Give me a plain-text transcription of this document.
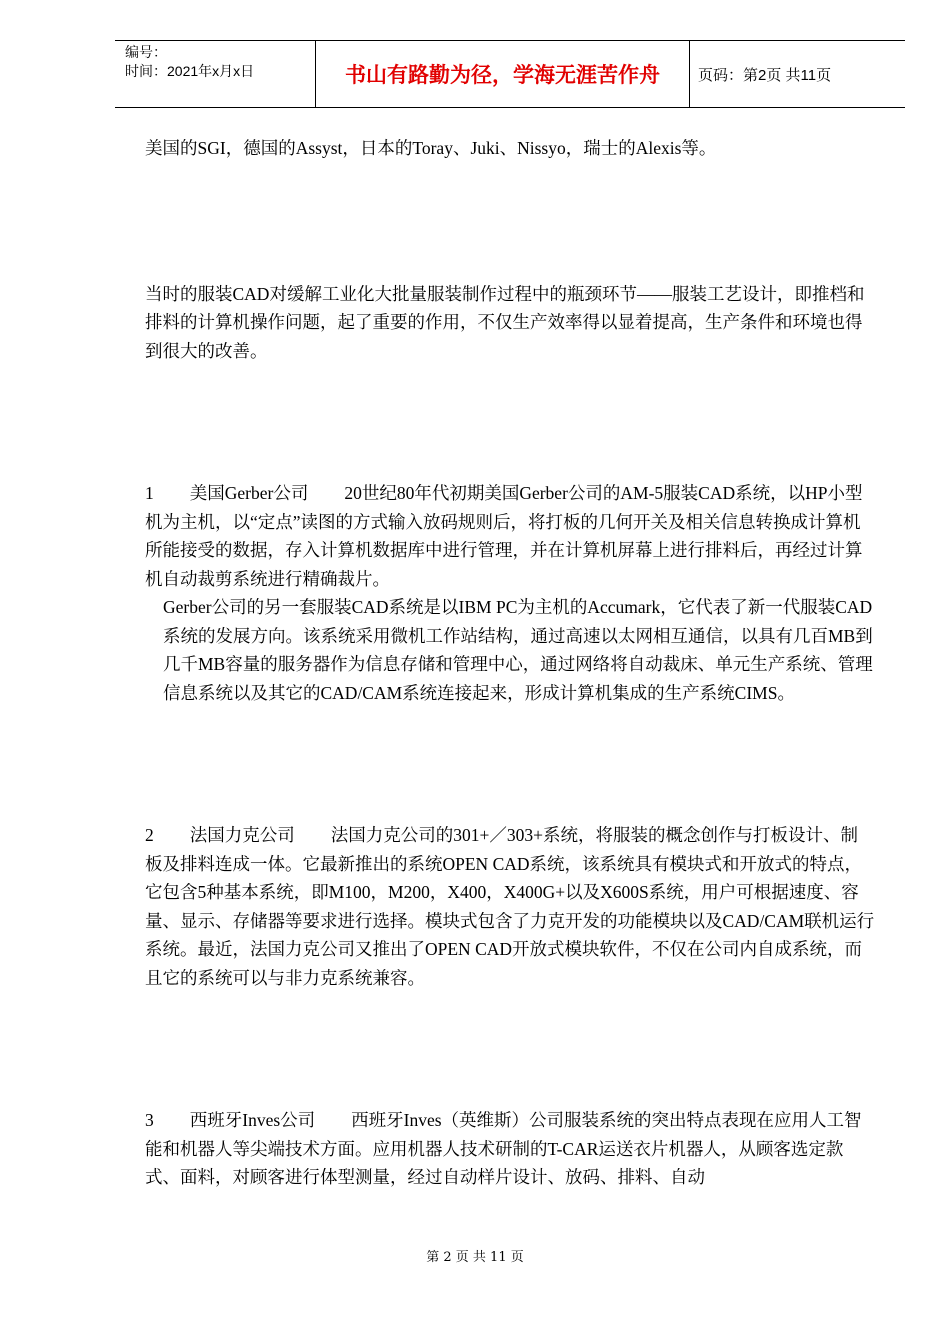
编号：
时间：2021年x月x日	书山有路勤为径，学海无涯苦作舟	页码：第2页 共11页

美国的SGI，德国的Assyst，日本的Toray、Juki、Nissyo，瑞士的Alexis等。

当时的服装CAD对缓解工业化大批量服装制作过程中的瓶颈环节——服装工艺设计，即推档和排料的计算机操作问题，起了重要的作用，不仅生产效率得以显着提高，生产条件和环境也得到很大的改善。

1 美国Gerber公司 20世纪80年代初期美国Gerber公司的AM-5服装CAD系统，以HP小型机为主机，以“定点”读图的方式输入放码规则后，将打板的几何开关及相关信息转换成计算机所能接受的数据，存入计算机数据库中进行管理，并在计算机屏幕上进行排料后，再经过计算机自动裁剪系统进行精确裁片。

Gerber公司的另一套服装CAD系统是以IBM PC为主机的Accumark，它代表了新一代服装CAD系统的发展方向。该系统采用微机工作站结构，通过高速以太网相互通信，以具有几百MB到几千MB容量的服务器作为信息存储和管理中心，通过网络将自动裁床、单元生产系统、管理信息系统以及其它的CAD/CAM系统连接起来，形成计算机集成的生产系统CIMS。

2 法国力克公司 法国力克公司的301+／303+系统，将服装的概念创作与打板设计、制板及排料连成一体。它最新推出的系统OPEN CAD系统，该系统具有模块式和开放式的特点，它包含5种基本系统，即M100，M200，X400，X400G+以及X600S系统，用户可根据速度、容量、显示、存储器等要求进行选择。模块式包含了力克开发的功能模块以及CAD/CAM联机运行系统。最近，法国力克公司又推出了OPEN CAD开放式模块软件，不仅在公司内自成系统，而且它的系统可以与非力克系统兼容。

3 西班牙Inves公司 西班牙Inves（英维斯）公司服装系统的突出特点表现在应用人工智能和机器人等尖端技术方面。应用机器人技术研制的T-CAR运送衣片机器人，从顾客选定款式、面料，对顾客进行体型测量，经过自动样片设计、放码、排料、自动

第 2 页 共 11 页
